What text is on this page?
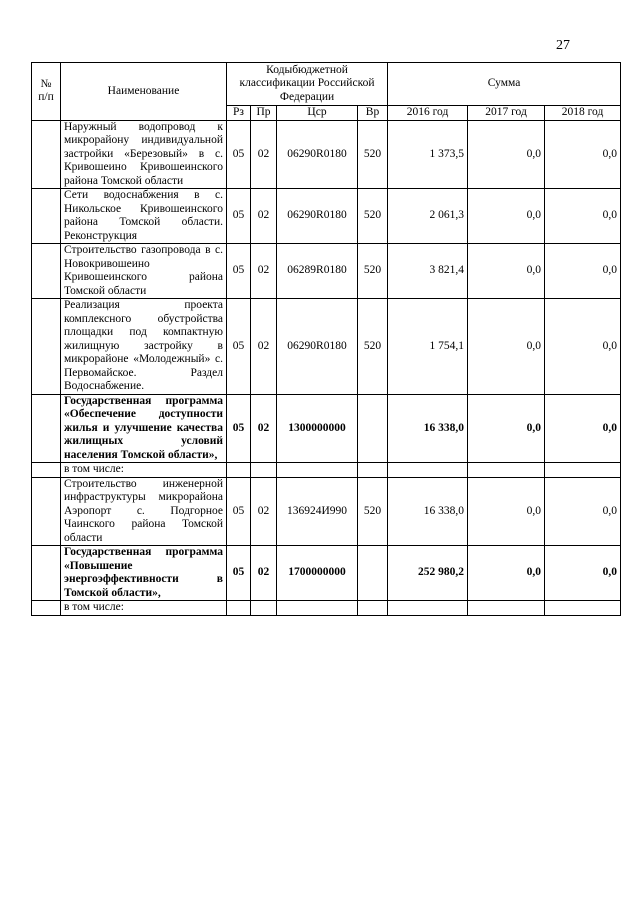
27
№ п/п	Наименование	Кодыбюджетной классификации Российской Федерации				Сумма		
		Рз	Пр	Цср	Вр	2016 год	2017 год	2018 год
	Наружный водопровод к микрорайону индивидуальной застройки «Березовый» в с. Кривошеино Кривошеинского района Томской области	05	02	06290R0180	520	1 373,5	0,0	0,0
	Сети водоснабжения в с. Никольское Кривошеинского района Томской области. Реконструкция	05	02	06290R0180	520	2 061,3	0,0	0,0
	Строительство газопровода в с. Новокривошеино Кривошеинского района Томской области	05	02	06289R0180	520	3 821,4	0,0	0,0
	Реализация проекта комплексного обустройства площадки под компактную жилищную застройку в микрорайоне «Молодежный» с. Первомайское. Раздел Водоснабжение.	05	02	06290R0180	520	1 754,1	0,0	0,0
	Государственная программа «Обеспечение доступности жилья и улучшение качества жилищных условий населения Томской области»,	05	02	1300000000		16 338,0	0,0	0,0
	в том числе:							
	Строительство инженерной инфраструктуры микрорайона Аэропорт с. Подгорное Чаинского района Томской области	05	02	136924И990	520	16 338,0	0,0	0,0
	Государственная программа «Повышение энергоэффективности в Томской области»,	05	02	1700000000		252 980,2	0,0	0,0
	в том числе:							
